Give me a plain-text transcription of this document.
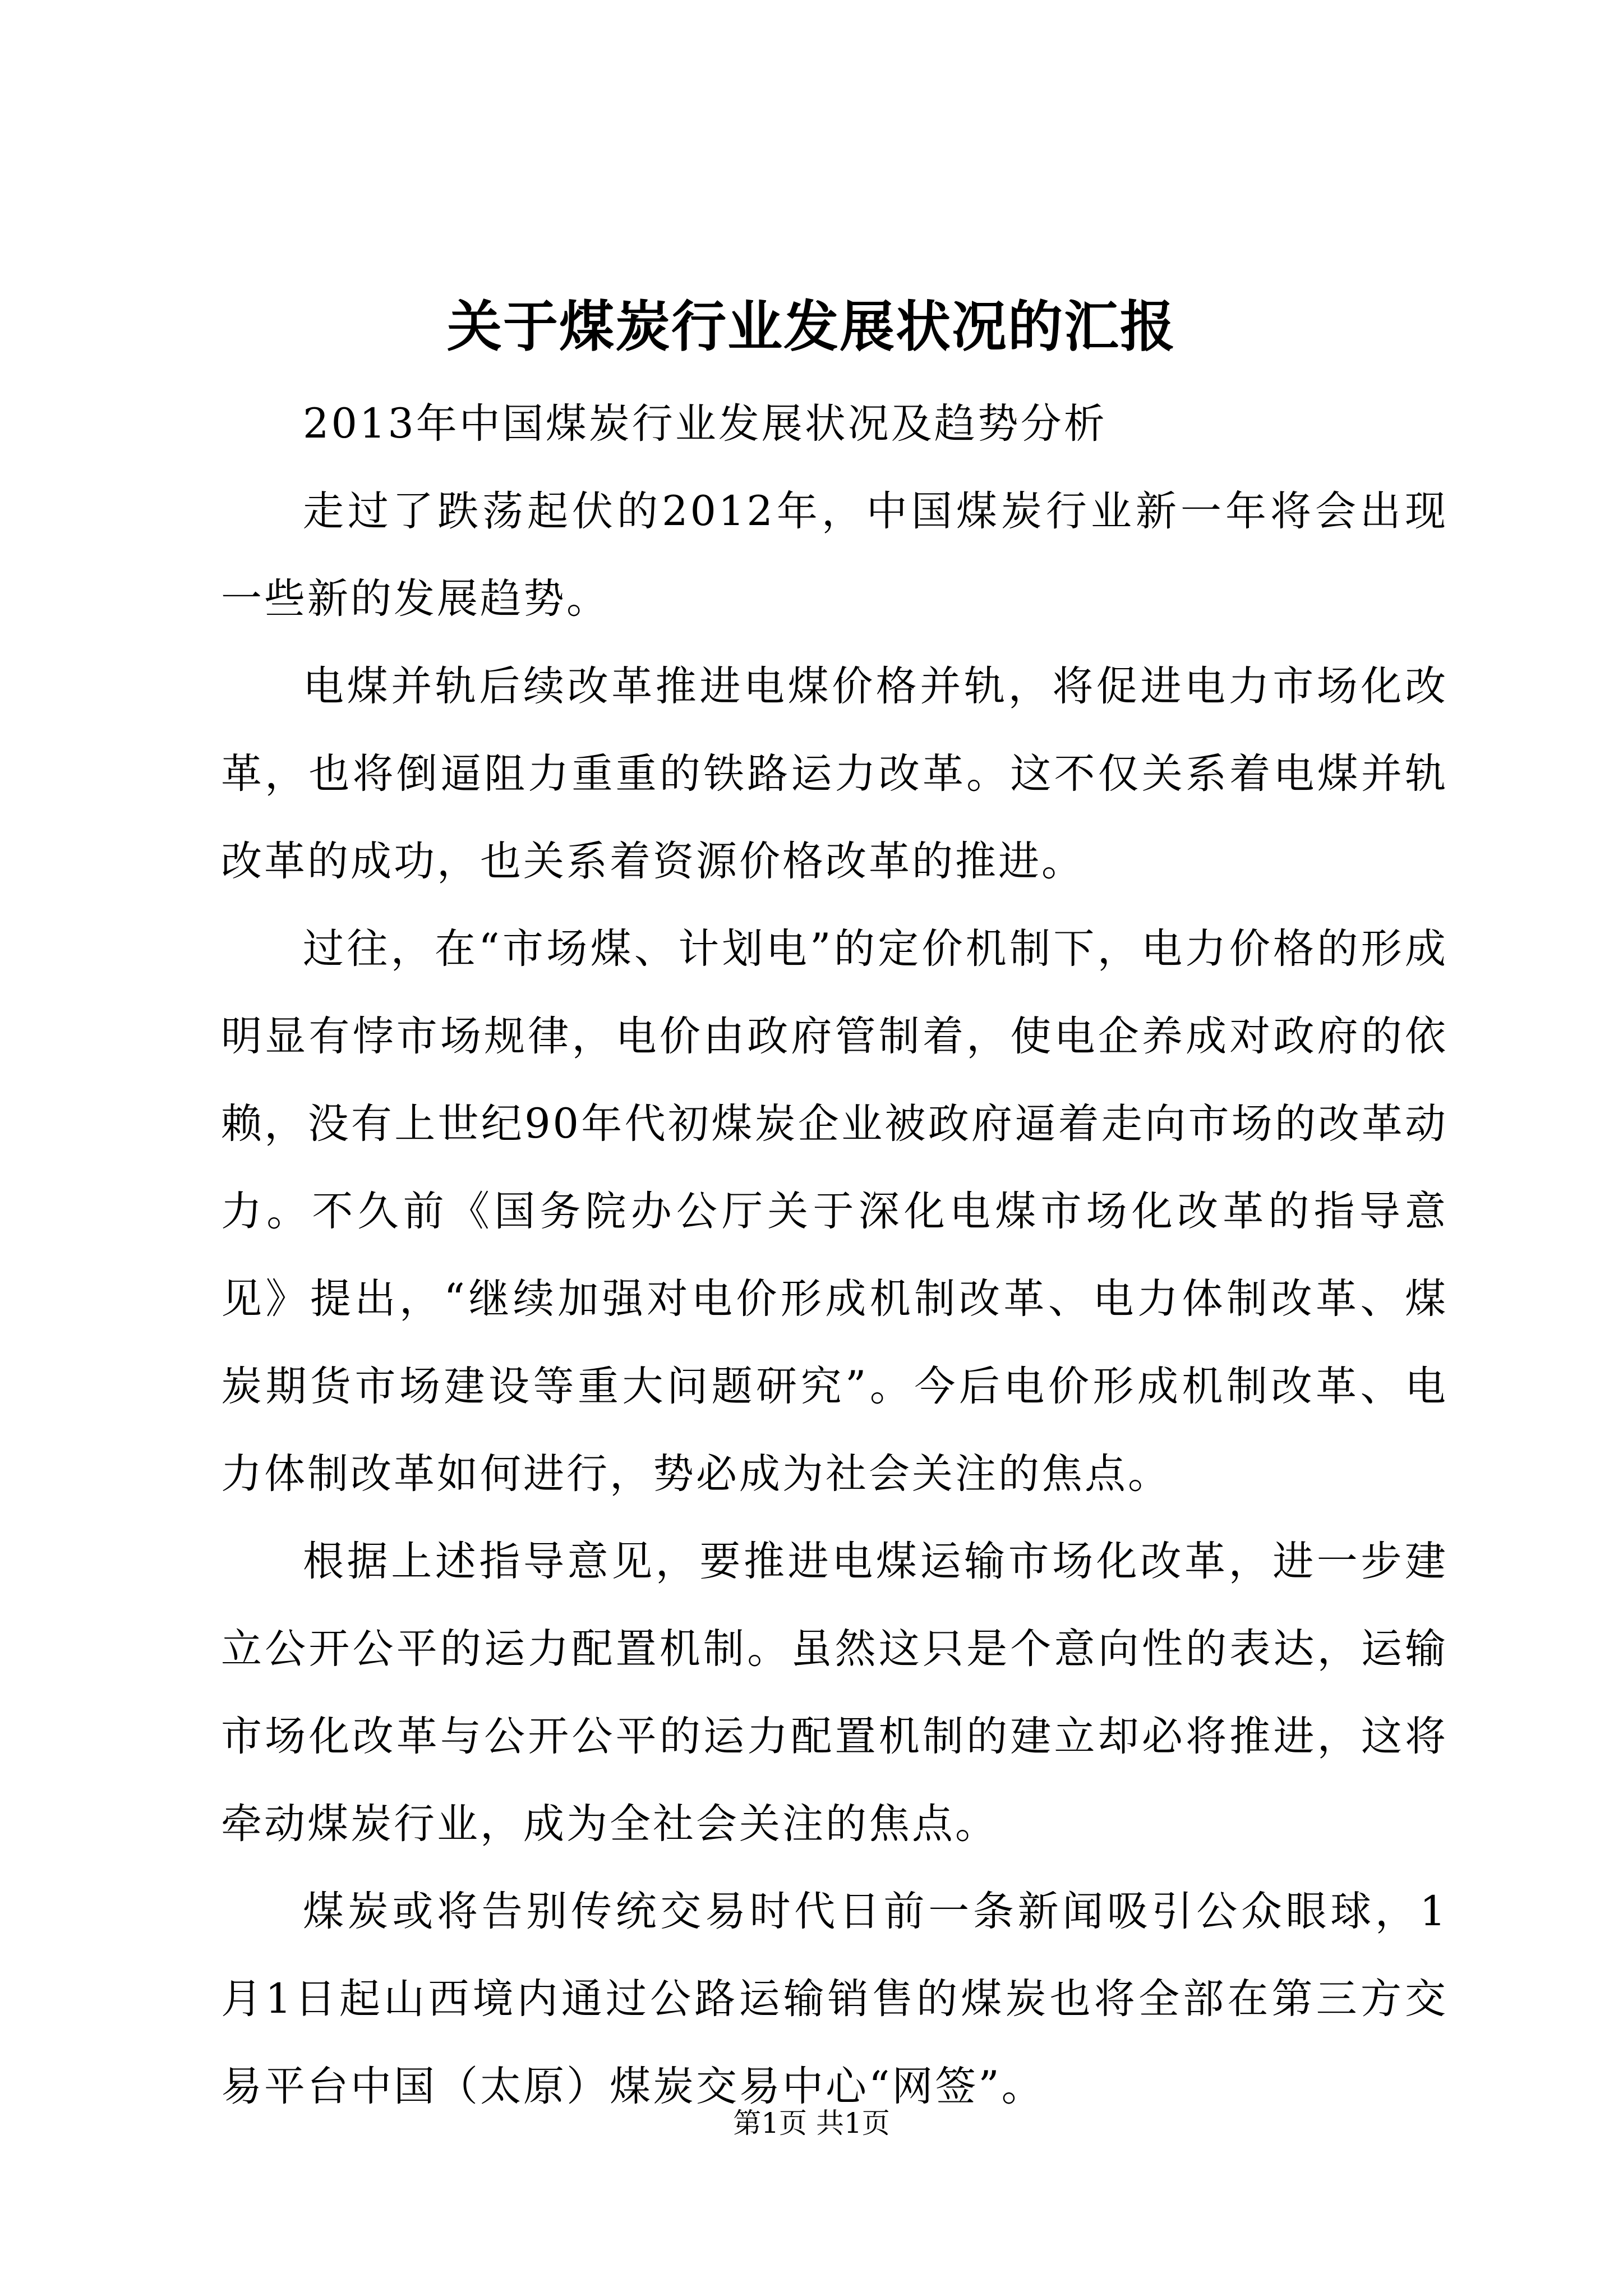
关于煤炭行业发展状况的汇报

2013年中国煤炭行业发展状况及趋势分析

走过了跌荡起伏的2012年，中国煤炭行业新一年将会出现一些新的发展趋势。

电煤并轨后续改革推进电煤价格并轨，将促进电力市场化改革，也将倒逼阻力重重的铁路运力改革。这不仅关系着电煤并轨改革的成功，也关系着资源价格改革的推进。

过往，在“市场煤、计划电”的定价机制下，电力价格的形成明显有悖市场规律，电价由政府管制着，使电企养成对政府的依赖，没有上世纪90年代初煤炭企业被政府逼着走向市场的改革动力。不久前《国务院办公厅关于深化电煤市场化改革的指导意见》提出，“继续加强对电价形成机制改革、电力体制改革、煤炭期货市场建设等重大问题研究”。今后电价形成机制改革、电力体制改革如何进行，势必成为社会关注的焦点。

根据上述指导意见，要推进电煤运输市场化改革，进一步建立公开公平的运力配置机制。虽然这只是个意向性的表达，运输市场化改革与公开公平的运力配置机制的建立却必将推进，这将牵动煤炭行业，成为全社会关注的焦点。

煤炭或将告别传统交易时代日前一条新闻吸引公众眼球，1月1日起山西境内通过公路运输销售的煤炭也将全部在第三方交易平台中国（太原）煤炭交易中心“网签”。

第1页 共1页
